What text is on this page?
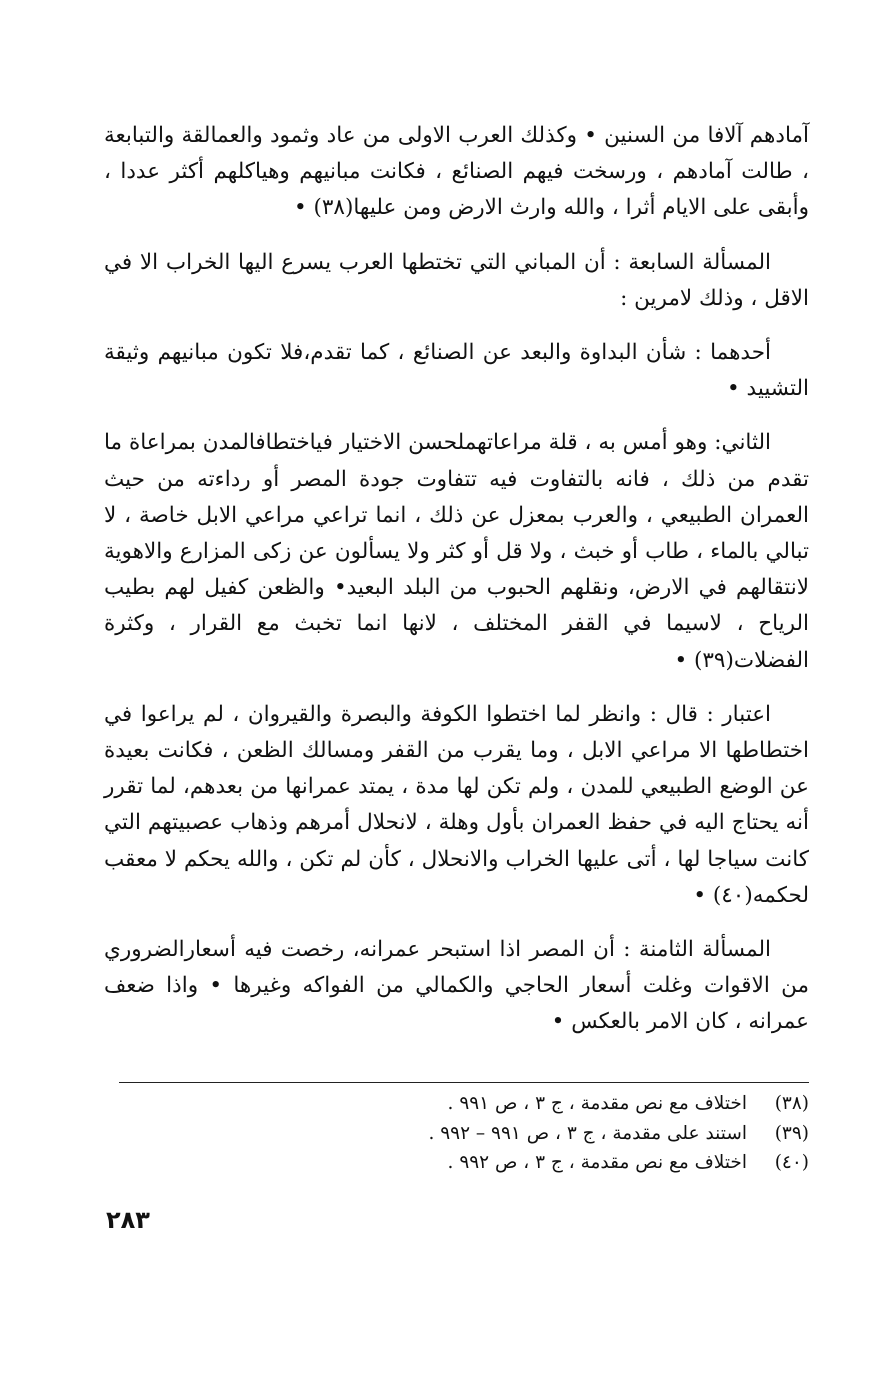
آمادهم آلافا من السنين • وكذلك العرب الاولى من عاد وثمود والعمالقة والتبابعة ، طالت آمادهم ، ورسخت فيهم الصنائع ، فكانت مبانيهم وهياكلهم أكثر عددا ، وأبقى على الايام أثرا ، والله وارث الارض ومن عليها(٣٨) •

المسألة السابعة : أن المباني التي تختطها العرب يسرع اليها الخراب الا في الاقل ، وذلك لامرين :

أحدهما : شأن البداوة والبعد عن الصنائع ، كما تقدم،فلا تكون مبانيهم وثيقة التشييد •

الثاني: وهو أمس به ، قلة مراعاتهملحسن الاختيار فياختطافالمدن بمراعاة ما تقدم من ذلك ، فانه بالتفاوت فيه تتفاوت جودة المصر أو رداءته من حيث العمران الطبيعي ، والعرب بمعزل عن ذلك ، انما تراعي مراعي الابل خاصة ، لا تبالي بالماء ، طاب أو خبث ، ولا قل أو كثر ولا يسألون عن زكى المزارع والاهوية لانتقالهم في الارض، ونقلهم الحبوب من البلد البعيد• والظعن كفيل لهم بطيب الرياح ، لاسيما في القفر المختلف ، لانها انما تخبث مع القرار ، وكثرة الفضلات(٣٩) •

اعتبار : قال : وانظر لما اختطوا الكوفة والبصرة والقيروان ، لم يراعوا في اختطاطها الا مراعي الابل ، وما يقرب من القفر ومسالك الظعن ، فكانت بعيدة عن الوضع الطبيعي للمدن ، ولم تكن لها مدة ، يمتد عمرانها من بعدهم، لما تقرر أنه يحتاج اليه في حفظ العمران بأول وهلة ، لانحلال أمرهم وذهاب عصبيتهم التي كانت سياجا لها ، أتى عليها الخراب والانحلال ، كأن لم تكن ، والله يحكم لا معقب لحكمه(٤٠) •

المسألة الثامنة : أن المصر اذا استبحر عمرانه، رخصت فيه أسعارالضروري من الاقوات وغلت أسعار الحاجي والكمالي من الفواكه وغيرها • واذا ضعف عمرانه ، كان الامر بالعكس •

(٣٨)
اختلاف مع نص مقدمة ، ج ٣ ، ص ٩٩١ .
(٣٩)
استند على مقدمة ، ج ٣ ، ص ٩٩١ – ٩٩٢ .
(٤٠)
اختلاف مع نص مقدمة ، ج ٣ ، ص ٩٩٢ .
٢٨٣
